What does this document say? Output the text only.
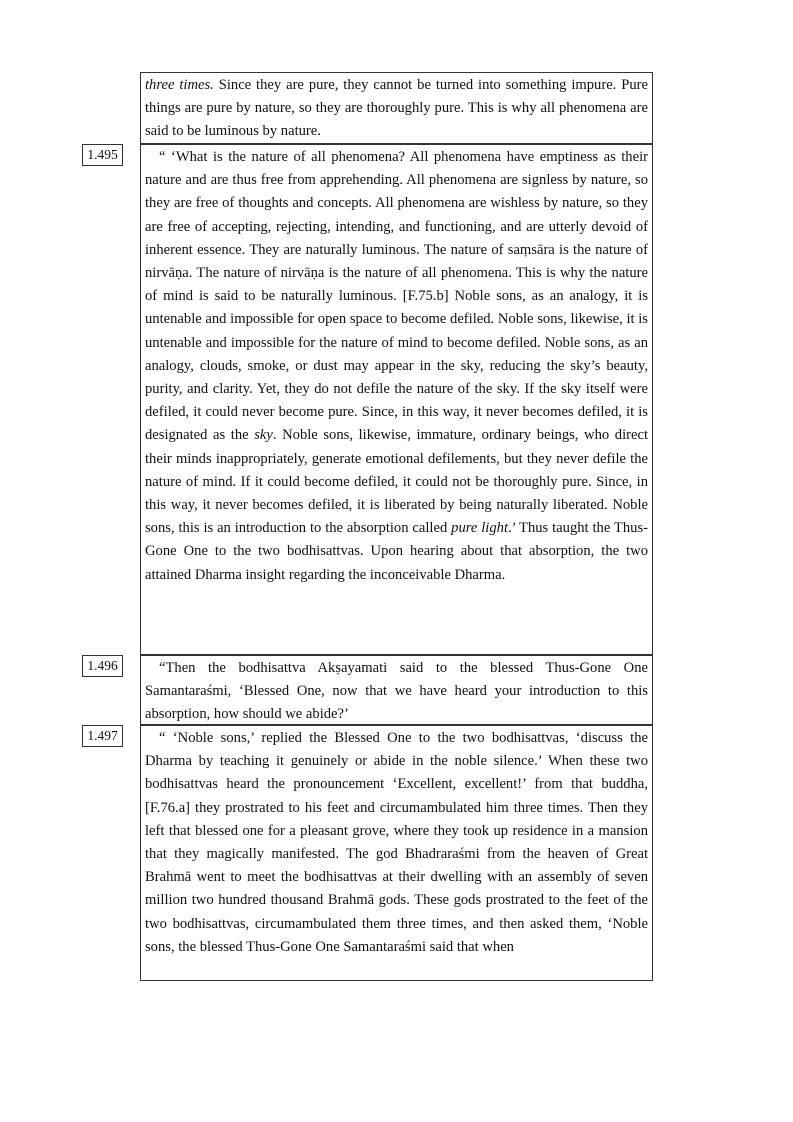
three times. Since they are pure, they cannot be turned into something impure. Pure things are pure by nature, so they are thoroughly pure. This is why all phenomena are said to be luminous by nature.

1.495	“ ‘What is the nature of all phenomena? All phenomena have emptiness as their nature and are thus free from apprehending. All phenomena are signless by nature, so they are free of thoughts and concepts. All phenomena are wishless by nature, so they are free of accepting, rejecting, intending, and functioning, and are utterly devoid of inherent essence. They are naturally luminous. The nature of saṃsāra is the nature of nirvāṇa. The nature of nirvāṇa is the nature of all phenomena. This is why the nature of mind is said to be naturally luminous. [F.75.b] Noble sons, as an analogy, it is untenable and impossible for open space to become defiled. Noble sons, likewise, it is untenable and impossible for the nature of mind to become defiled. Noble sons, as an analogy, clouds, smoke, or dust may appear in the sky, reducing the sky’s beauty, purity, and clarity. Yet, they do not defile the nature of the sky. If the sky itself were defiled, it could never become pure. Since, in this way, it never becomes defiled, it is designated as the sky. Noble sons, likewise, immature, ordinary beings, who direct their minds inappropriately, generate emotional defilements, but they never defile the nature of mind. If it could become defiled, it could not be thoroughly pure. Since, in this way, it never becomes defiled, it is liberated by being naturally liberated. Noble sons, this is an introduction to the absorption called pure light.’ Thus taught the Thus-Gone One to the two bodhisattvas. Upon hearing about that absorption, the two attained Dharma insight regarding the inconceivable Dharma.

1.496	“Then the bodhisattva Akṣayamati said to the blessed Thus-Gone One Samantaraśmi, ‘Blessed One, now that we have heard your introduction to this absorption, how should we abide?’

1.497	“ ‘Noble sons,’ replied the Blessed One to the two bodhisattvas, ‘discuss the Dharma by teaching it genuinely or abide in the noble silence.’ When these two bodhisattvas heard the pronouncement ‘Excellent, excellent!’ from that buddha, [F.76.a] they prostrated to his feet and circumambulated him three times. Then they left that blessed one for a pleasant grove, where they took up residence in a mansion that they magically manifested. The god Bhadraraśmi from the heaven of Great Brahmā went to meet the bodhisattvas at their dwelling with an assembly of seven million two hundred thousand Brahmā gods. These gods prostrated to the feet of the two bodhisattvas, circumambulated them three times, and then asked them, ‘Noble sons, the blessed Thus-Gone One Samantaraśmi said that when
